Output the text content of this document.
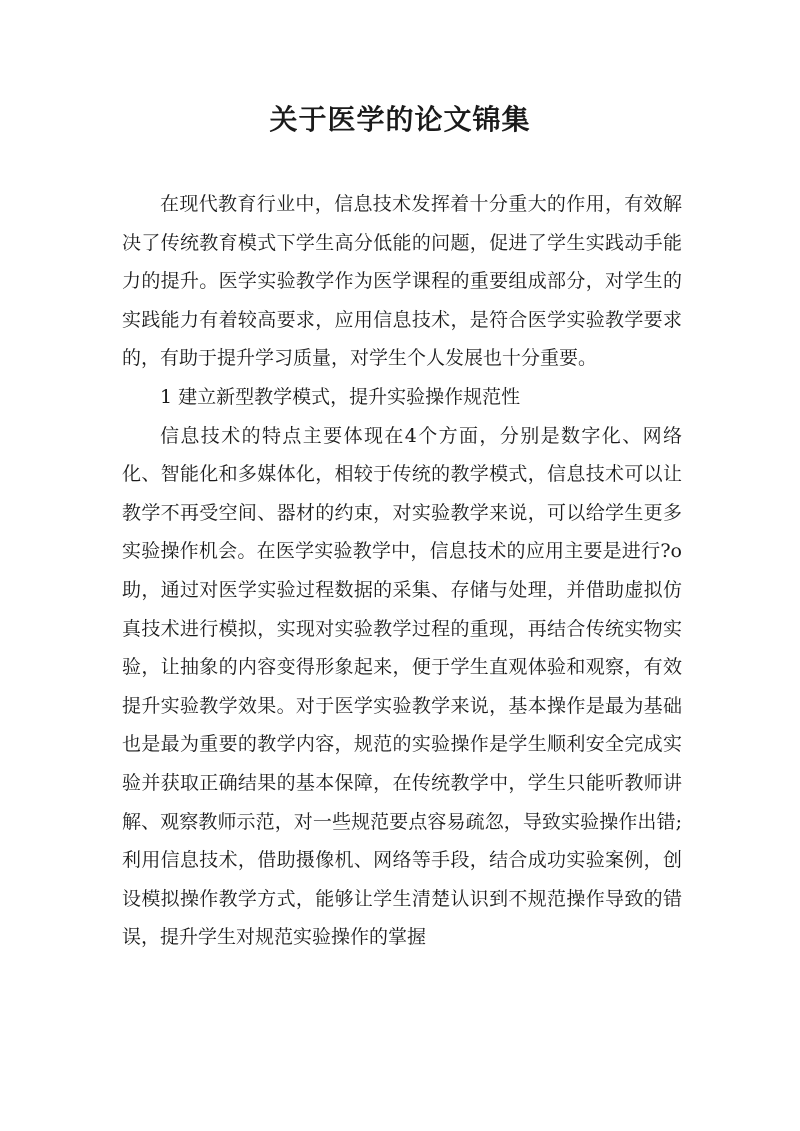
关于医学的论文锦集

在现代教育行业中，信息技术发挥着十分重大的作用，有效解决了传统教育模式下学生高分低能的问题，促进了学生实践动手能力的提升。医学实验教学作为医学课程的重要组成部分，对学生的实践能力有着较高要求，应用信息技术，是符合医学实验教学要求的，有助于提升学习质量，对学生个人发展也十分重要。

1 建立新型教学模式，提升实验操作规范性

信息技术的特点主要体现在4个方面，分别是数字化、网络化、智能化和多媒体化，相较于传统的教学模式，信息技术可以让教学不再受空间、器材的约束，对实验教学来说，可以给学生更多实验操作机会。在医学实验教学中，信息技术的应用主要是进行?o助，通过对医学实验过程数据的采集、存储与处理，并借助虚拟仿真技术进行模拟，实现对实验教学过程的重现，再结合传统实物实验，让抽象的内容变得形象起来，便于学生直观体验和观察，有效提升实验教学效果。对于医学实验教学来说，基本操作是最为基础也是最为重要的教学内容，规范的实验操作是学生顺利安全完成实验并获取正确结果的基本保障，在传统教学中，学生只能听教师讲解、观察教师示范，对一些规范要点容易疏忽，导致实验操作出错;利用信息技术，借助摄像机、网络等手段，结合成功实验案例，创设模拟操作教学方式，能够让学生清楚认识到不规范操作导致的错误，提升学生对规范实验操作的掌握
